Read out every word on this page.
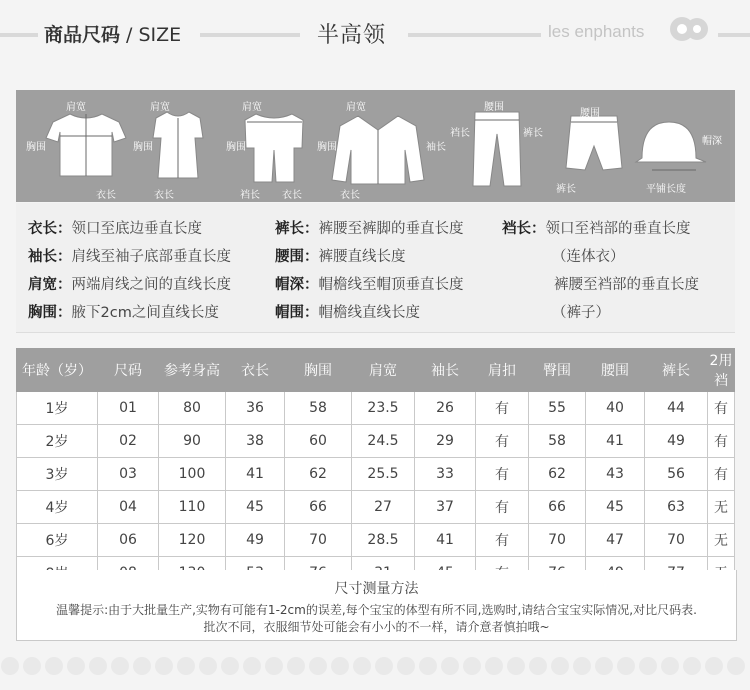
商品尺码 / SIZE	半高领	les enphants
肩宽
胸围
衣长
肩宽
胸围
衣长
肩宽
胸围
裆长 衣长
肩宽
胸围	袖长
衣长
腰围
裆长	裤长
腰围
裤长
帽深
平铺长度
衣长：领口至底边垂直长度
袖长：肩线至袖子底部垂直长度
肩宽：两端肩线之间的直线长度
胸围：腋下2cm之间直线长度
裤长：裤腰至裤脚的垂直长度
腰围：裤腰直线长度
帽深：帽檐线至帽顶垂直长度
帽围：帽檐线直线长度
裆长：领口至裆部的垂直长度
（连体衣）
裤腰至裆部的垂直长度
（裤子）
年龄（岁）	尺码	参考身高	衣长	胸围	肩宽	袖长	肩扣	臀围	腰围	裤长	2用裆
1岁	01	80	36	58	23.5	26	有	55	40	44	有
2岁	02	90	38	60	24.5	29	有	58	41	49	有
3岁	03	100	41	62	25.5	33	有	62	43	56	有
4岁	04	110	45	66	27	37	有	66	45	63	无
6岁	06	120	49	70	28.5	41	有	70	47	70	无

尺寸测量方法
温馨提示:由于大批量生产,实物有可能有1-2cm的误差,每个宝宝的体型有所不同,选购时,请结合宝宝实际情况,对比尺码表.
批次不同，衣服细节处可能会有小小的不一样，请介意者慎拍哦~
